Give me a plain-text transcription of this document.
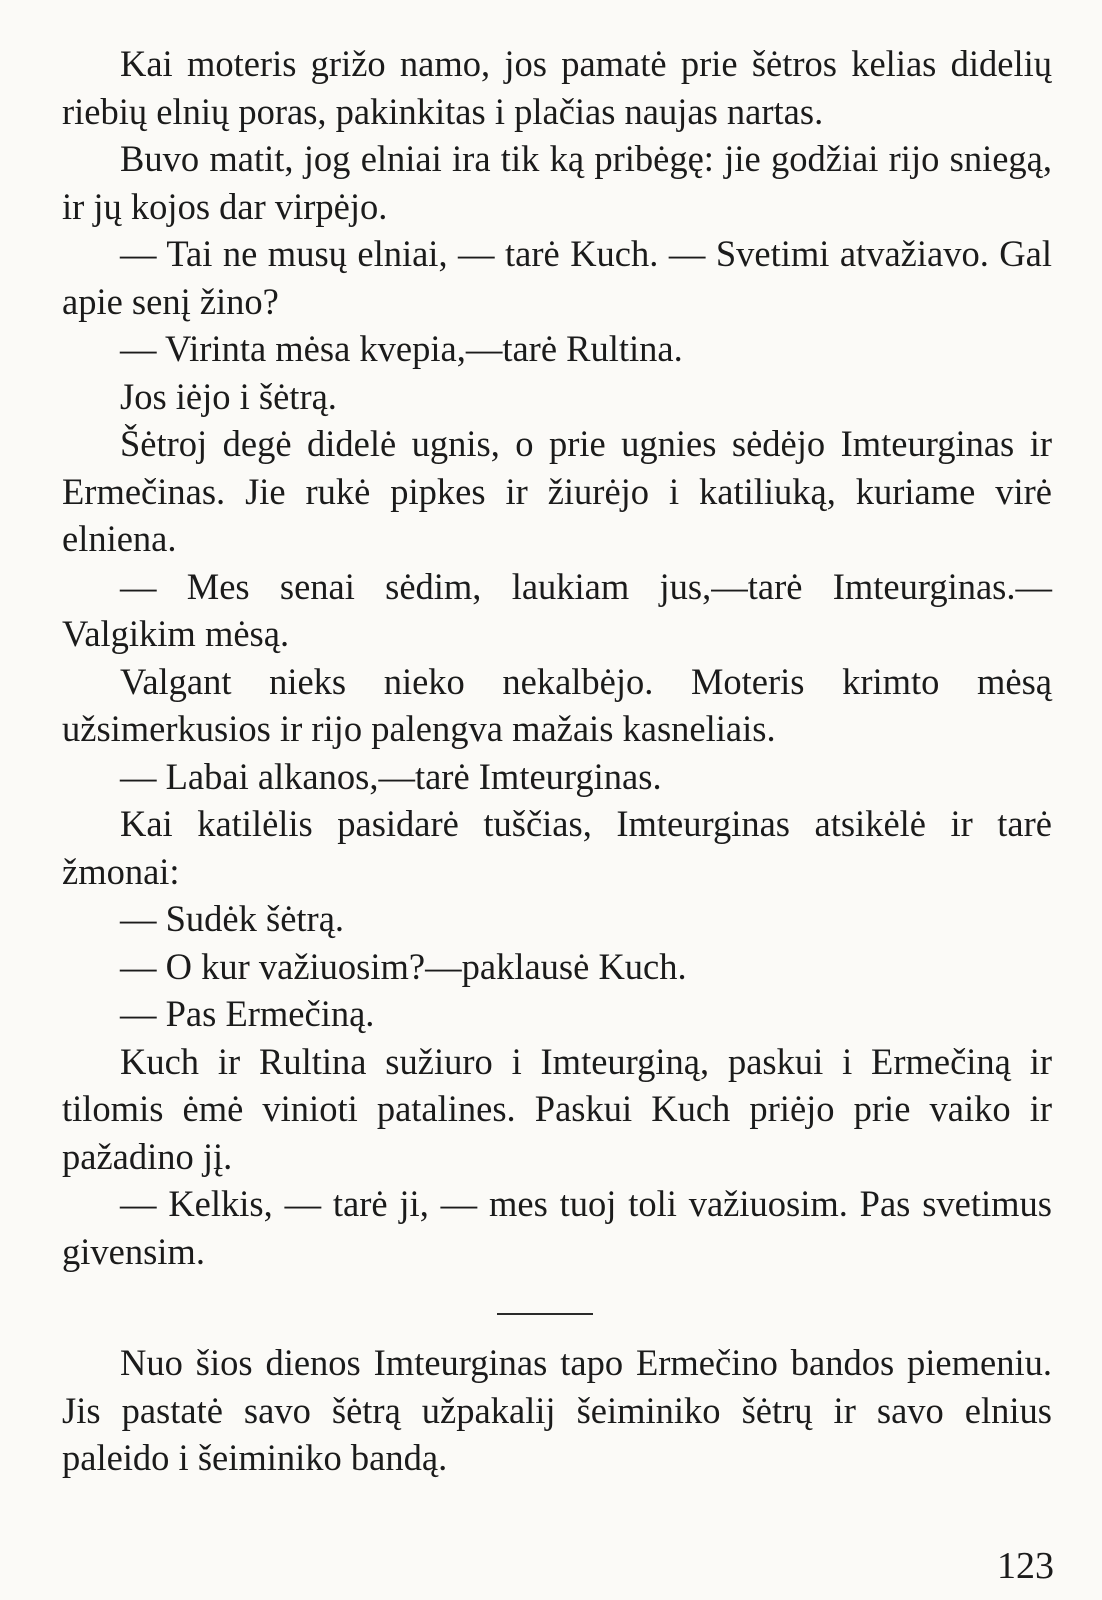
Kai moteris grižo namo, jos pamatė prie šėtros kelias didelių riebių elnių poras, pakinkitas i plačias naujas nartas.

Buvo matit, jog elniai ira tik ką pribėgę: jie godžiai rijo sniegą, ir jų kojos dar virpėjo.

— Tai ne musų elniai, — tarė Kuch. — Svetimi atvažiavo. Gal apie senį žino?

— Virinta mėsa kvepia,—tarė Rultina.

Jos iėjo i šėtrą.

Šėtroj degė didelė ugnis, o prie ugnies sėdėjo Imteurginas ir Ermečinas. Jie rukė pipkes ir žiurėjo i katiliuką, kuriame virė elniena.

— Mes senai sėdim, laukiam jus,—tarė Imteurginas.— Valgikim mėsą.

Valgant nieks nieko nekalbėjo. Moteris krimto mėsą užsimerkusios ir rijo palengva mažais kasneliais.

— Labai alkanos,—tarė Imteurginas.

Kai katilėlis pasidarė tuščias, Imteurginas atsikėlė ir tarė žmonai:

— Sudėk šėtrą.

— O kur važiuosim?—paklausė Kuch.

— Pas Ermečiną.

Kuch ir Rultina sužiuro i Imteurginą, paskui i Ermečiną ir tilomis ėmė vinioti patalines. Paskui Kuch priėjo prie vaiko ir pažadino jį.

— Kelkis, — tarė ji, — mes tuoj toli važiuosim. Pas svetimus givensim.

Nuo šios dienos Imteurginas tapo Ermečino bandos piemeniu. Jis pastatė savo šėtrą užpakalij šeiminiko šėtrų ir savo elnius paleido i šeiminiko bandą.

123
